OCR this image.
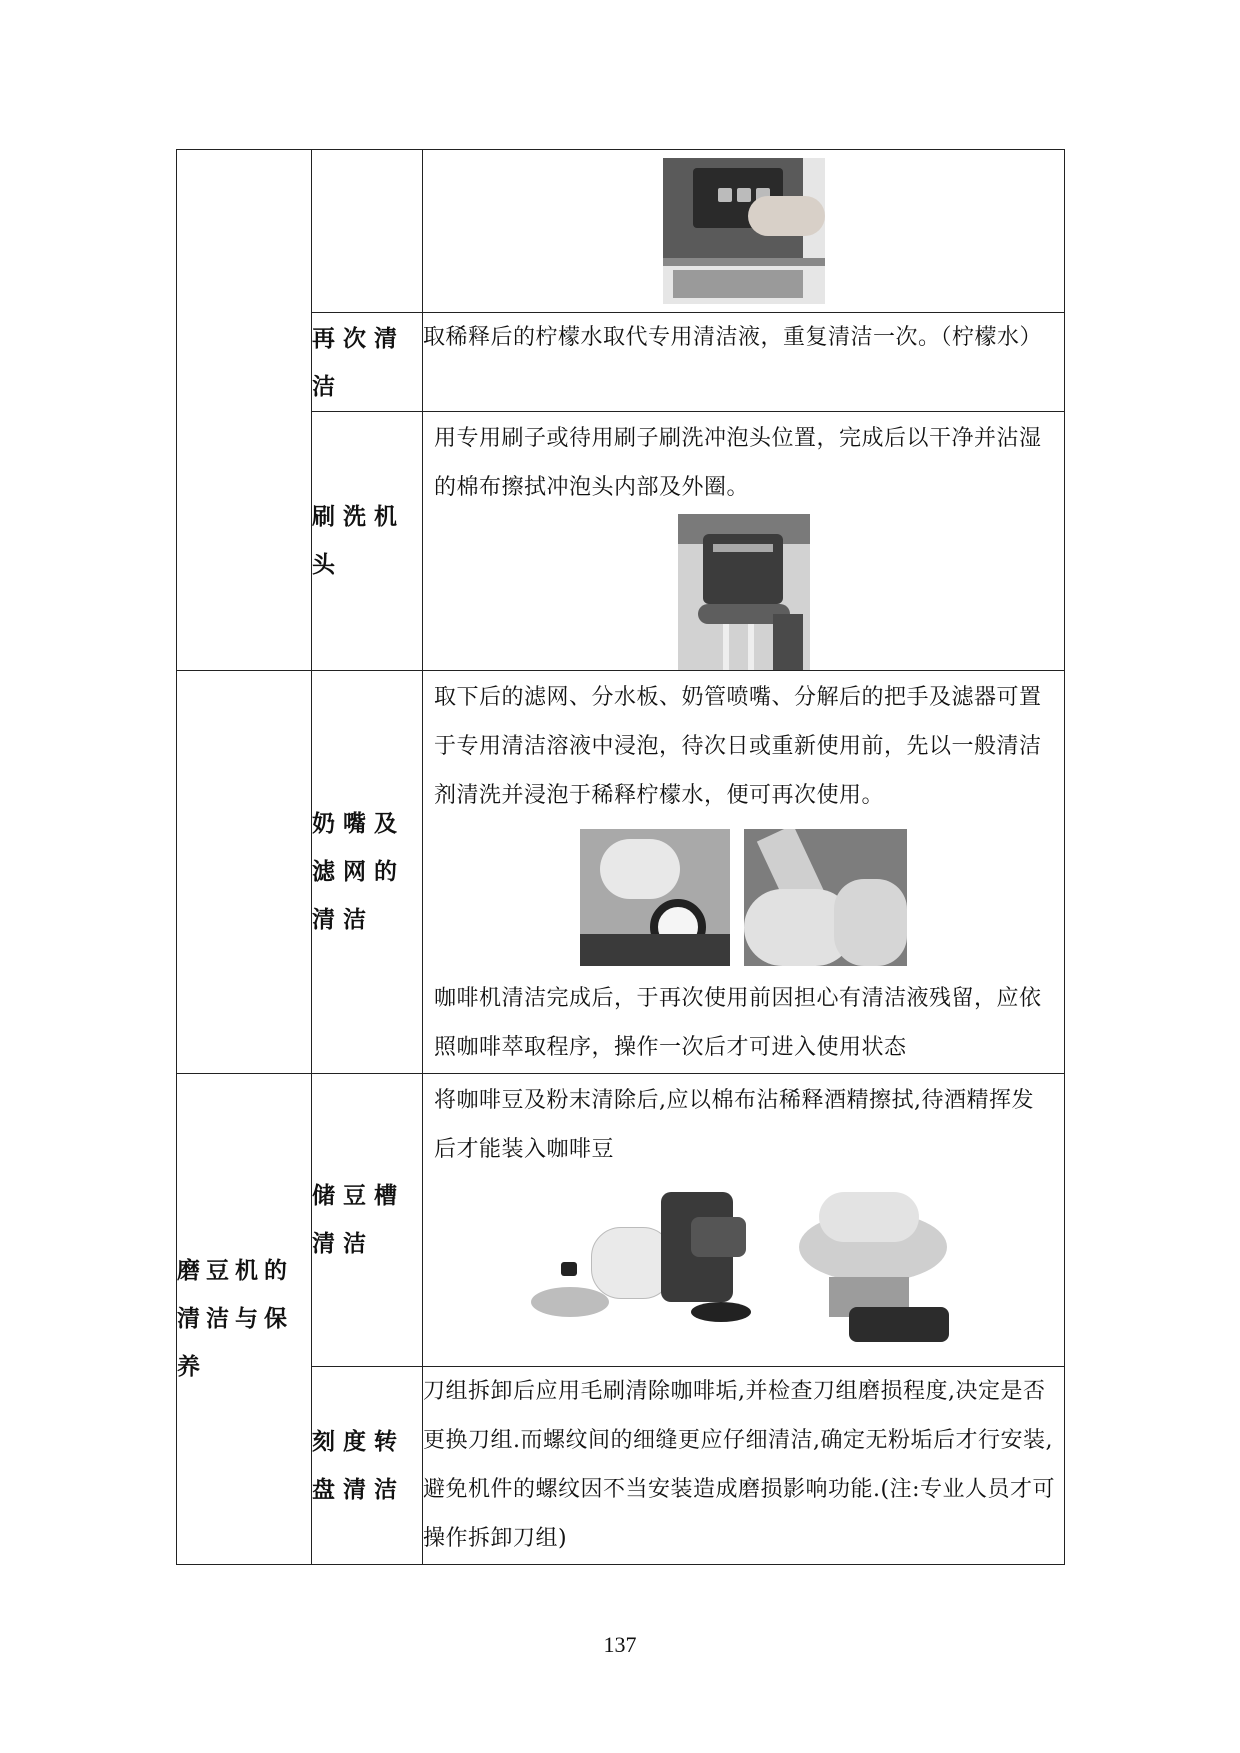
	再次清洁	取稀释后的柠檬水取代专用清洁液，重复清洁一次。（柠檬水）
	刷洗机头	用专用刷子或待用刷子刷洗冲泡头位置，完成后以干净并沾湿的棉布擦拭冲泡头内部及外圈。

	奶嘴及滤网的清洁	取下后的滤网、分水板、奶管喷嘴、分解后的把手及滤器可置于专用清洁溶液中浸泡，待次日或重新使用前，先以一般清洁剂清洗并浸泡于稀释柠檬水，便可再次使用。
咖啡机清洁完成后，于再次使用前因担心有清洁液残留，应依照咖啡萃取程序，操作一次后才可进入使用状态

磨豆机的清洁与保养	储豆槽清洁	将咖啡豆及粉末清除后,应以棉布沾稀释酒精擦拭,待酒精挥发后才能装入咖啡豆

	刻度转盘清洁	刀组拆卸后应用毛刷清除咖啡垢,并检查刀组磨损程度,决定是否更换刀组.而螺纹间的细缝更应仔细清洁,确定无粉垢后才行安装,避免机件的螺纹因不当安装造成磨损影响功能.(注:专业人员才可操作拆卸刀组)
137
